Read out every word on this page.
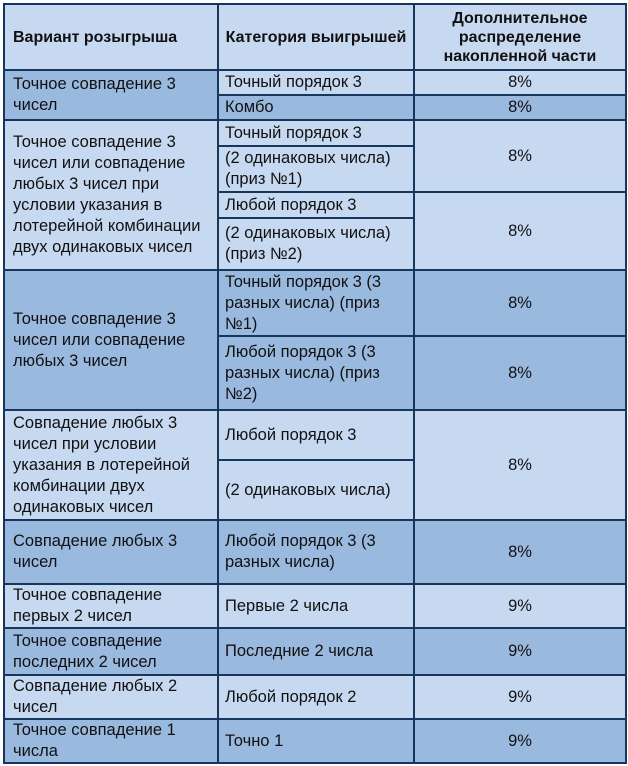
Вариант розыгрыша	Категория выигрышей	Дополнительное распределение накопленной части
Точное совпадение 3 чисел	Точный порядок 3	8%
	Комбо	8%
Точное совпадение 3 чисел или совпадение любых 3 чисел при условии указания в лотерейной комбинации двух одинаковых чисел	Точный порядок 3	8%
	(2 одинаковых числа) (приз №1)	
	Любой порядок 3	8%
	(2 одинаковых числа) (приз №2)	
Точное совпадение 3 чисел или совпадение любых 3 чисел	Точный порядок 3 (3 разных числа) (приз №1)	8%
	Любой порядок 3 (3 разных числа) (приз №2)	8%
Совпадение любых 3 чисел при условии указания в лотерейной комбинации двух одинаковых чисел	Любой порядок 3	8%
	(2 одинаковых числа)	
Совпадение любых 3 чисел	Любой порядок 3 (3 разных числа)	8%
Точное совпадение первых 2 чисел	Первые 2 числа	9%
Точное совпадение последних 2 чисел	Последние 2 числа	9%
Совпадение любых 2 чисел	Любой порядок 2	9%
Точное совпадение 1 числа	Точно 1	9%
